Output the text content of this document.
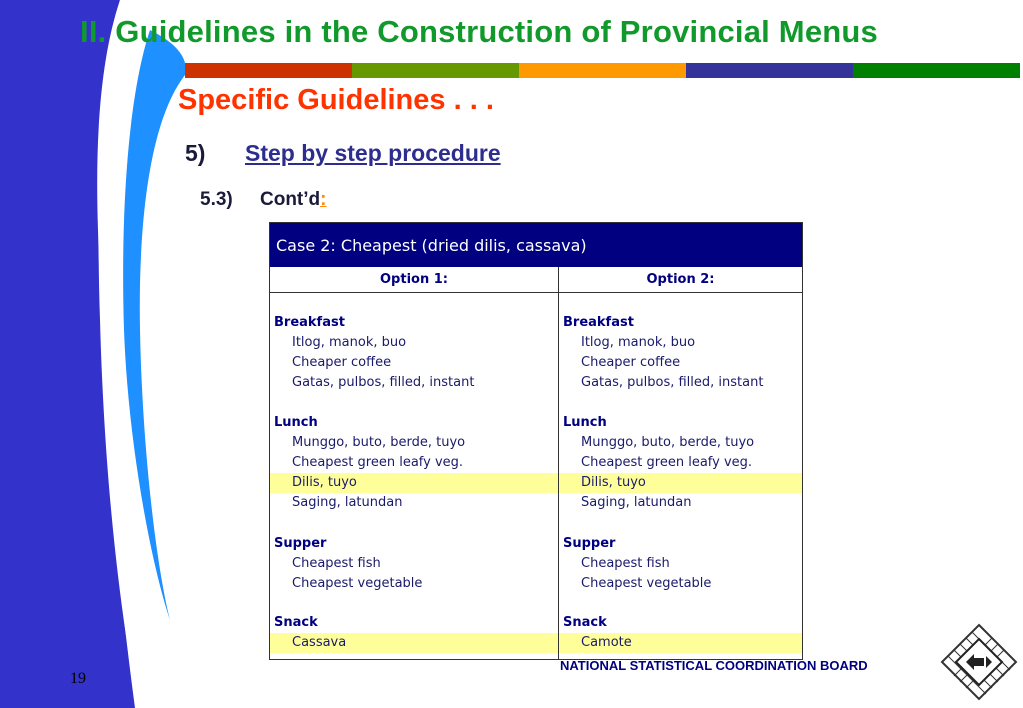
II. Guidelines in the Construction of Provincial Menus
Specific Guidelines . . .
5) Step by step procedure
5.3) Cont’d:
Case 2: Cheapest (dried dilis, cassava)
Option 1:	Option 2:
Breakfast
Itlog, manok, buo
Cheaper coffee
Gatas, pulbos, filled, instant
Lunch
Munggo, buto, berde, tuyo
Cheapest green leafy veg.
Dilis, tuyo
Saging, latundan
Supper
Cheapest fish
Cheapest vegetable
Snack
Cassava
Breakfast
Itlog, manok, buo
Cheaper coffee
Gatas, pulbos, filled, instant
Lunch
Munggo, buto, berde, tuyo
Cheapest green leafy veg.
Dilis, tuyo
Saging, latundan
Supper
Cheapest fish
Cheapest vegetable
Snack
Camote
19
NATIONAL STATISTICAL COORDINATION BOARD
